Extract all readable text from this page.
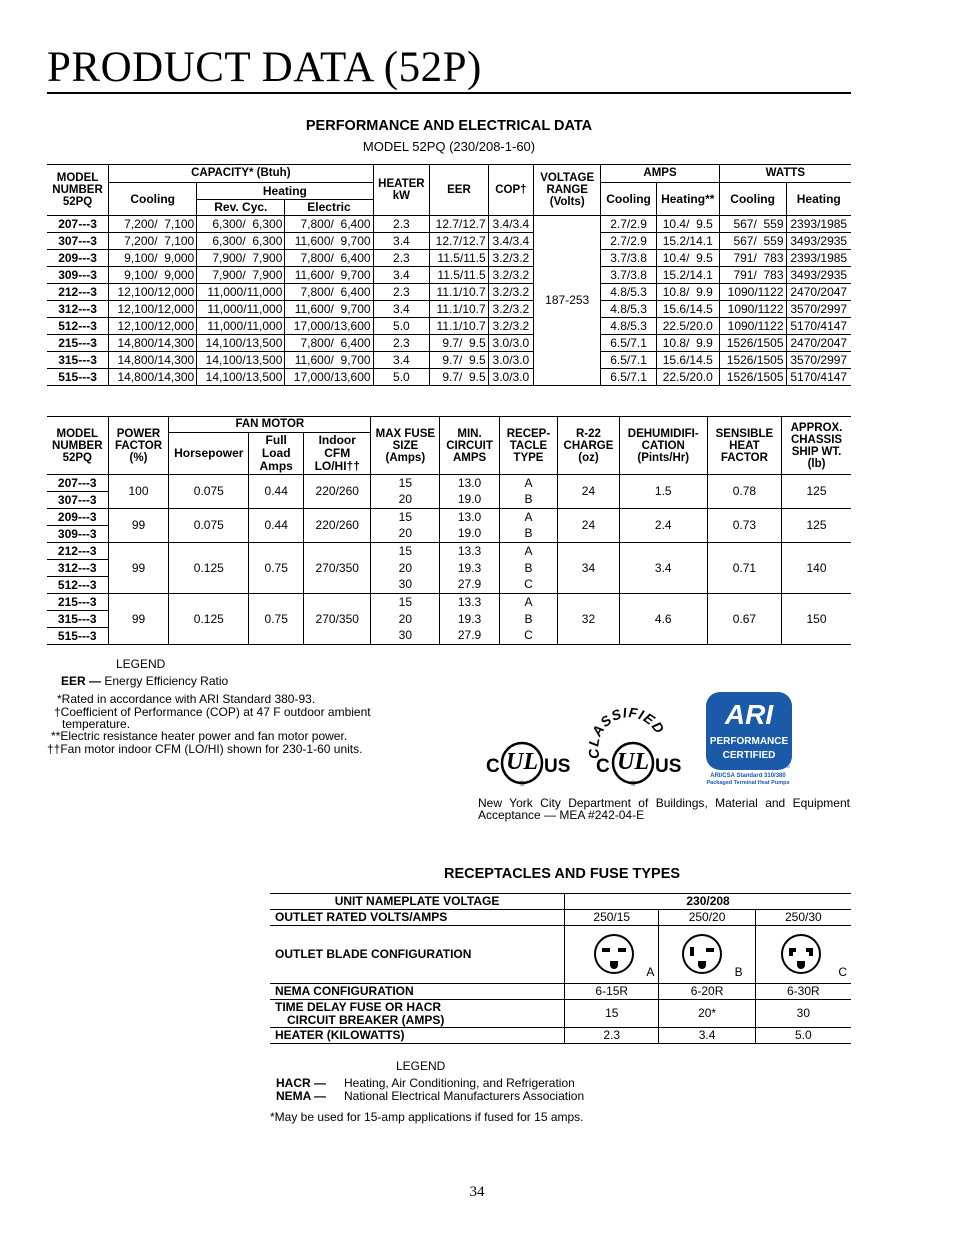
PRODUCT DATA (52P)
PERFORMANCE AND ELECTRICAL DATA
MODEL 52PQ (230/208-1-60)
MODEL NUMBER 52PQ	CAPACITY* (Btuh)			HEATER kW	EER	COP†	VOLTAGE RANGE (Volts)	AMPS		WATTS	
	Cooling	Heating						Cooling	Heating**	Cooling	Heating
		Rev. Cyc.	Electric								
207---3	7,200/  7,100	6,300/  6,300	7,800/  6,400	2.3	12.7/12.7	3.4/3.4	187-253	2.7/2.9	10.4/  9.5	567/  559	2393/1985
307---3	7,200/  7,100	6,300/  6,300	11,600/  9,700	3.4	12.7/12.7	3.4/3.4		2.7/2.9	15.2/14.1	567/  559	3493/2935
209---3	9,100/  9,000	7,900/  7,900	7,800/  6,400	2.3	11.5/11.5	3.2/3.2		3.7/3.8	10.4/  9.5	791/  783	2393/1985
309---3	9,100/  9,000	7,900/  7,900	11,600/  9,700	3.4	11.5/11.5	3.2/3.2		3.7/3.8	15.2/14.1	791/  783	3493/2935
212---3	12,100/12,000	11,000/11,000	7,800/  6,400	2.3	11.1/10.7	3.2/3.2		4.8/5.3	10.8/  9.9	1090/1122	2470/2047
312---3	12,100/12,000	11,000/11,000	11,600/  9,700	3.4	11.1/10.7	3.2/3.2		4.8/5.3	15.6/14.5	1090/1122	3570/2997
512---3	12,100/12,000	11,000/11,000	17,000/13,600	5.0	11.1/10.7	3.2/3.2		4.8/5.3	22.5/20.0	1090/1122	5170/4147
215---3	14,800/14,300	14,100/13,500	7,800/  6,400	2.3	9.7/  9.5	3.0/3.0		6.5/7.1	10.8/  9.9	1526/1505	2470/2047
315---3	14,800/14,300	14,100/13,500	11,600/  9,700	3.4	9.7/  9.5	3.0/3.0		6.5/7.1	15.6/14.5	1526/1505	3570/2997
515---3	14,800/14,300	14,100/13,500	17,000/13,600	5.0	9.7/  9.5	3.0/3.0		6.5/7.1	22.5/20.0	1526/1505	5170/4147
MODEL NUMBER 52PQ	POWER FACTOR (%)	FAN MOTOR			MAX FUSE SIZE (Amps)	MIN. CIRCUIT AMPS	RECEP- TACLE TYPE	R-22 CHARGE (oz)	DEHUMIDIFI- CATION (Pints/Hr)	SENSIBLE HEAT FACTOR	APPROX. CHASSIS SHIP WT. (lb)
		Horsepower	Full Load Amps	Indoor CFM LO/HI††							
207---3	100	0.075	0.44	220/260	15	13.0	A	24	1.5	0.78	125
307---3					20	19.0	B				
209---3	99	0.075	0.44	220/260	15	13.0	A	24	2.4	0.73	125
309---3					20	19.0	B				
212---3	99	0.125	0.75	270/350	15	13.3	A	34	3.4	0.71	140
312---3					20	19.3	B				
512---3					30	27.9	C				
215---3	99	0.125	0.75	270/350	15	13.3	A	32	4.6	0.67	150
315---3					20	19.3	B				
515---3					30	27.9	C				
LEGEND
EER — Energy Efficiency Ratio
*Rated in accordance with ARI Standard 380-93.
†Coefficient of Performance (COP) at 47 F outdoor ambient
temperature.
**Electric resistance heater power and fan motor power.
††Fan motor indoor CFM (LO/HI) shown for 230-1-60 units.	UL
C US
®
CLASSIFIED
UL
C US
®
ARI
PERFORMANCE
CERTIFIED
TM
ARI/CSA Standard 310/380
Packaged Terminal Heat Pumps
New York City Department of Buildings, Material and Equipment Acceptance — MEA #242-04-E
RECEPTACLES AND FUSE TYPES
UNIT NAMEPLATE VOLTAGE	230/208		
OUTLET RATED VOLTS/AMPS	250/15	250/20	250/30
OUTLET BLADE CONFIGURATION	A	B	C

NEMA CONFIGURATION	6-15R	6-20R	6-30R

TIME DELAY FUSE OR HACR
CIRCUIT BREAKER (AMPS)	15	20*	30
HEATER (KILOWATTS)	2.3	3.4	5.0
LEGEND
HACR — Heating, Air Conditioning, and Refrigeration
NEMA — National Electrical Manufacturers Association
*May be used for 15-amp applications if fused for 15 amps.
34
